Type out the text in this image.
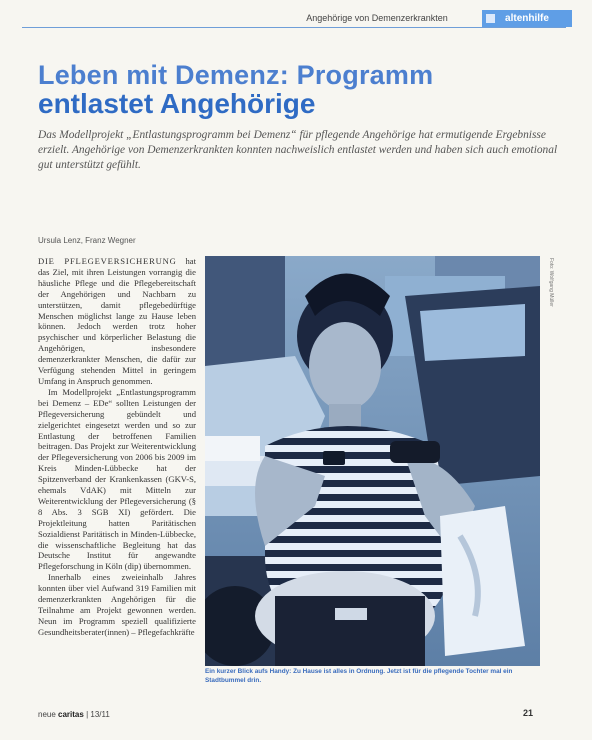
Angehörige von Demenzerkrankten	altenhilfe
Leben mit Demenz: Programm
entlastet Angehörige

Das Modellprojekt „Entlastungsprogramm bei Demenz“ für pflegende Angehörige hat ermutigende Ergebnisse erzielt. Angehörige von Demenzerkrankten konnten nachweislich entlastet werden und haben sich auch emotional gut unterstützt gefühlt.

Ursula Lenz, Franz Wegner

DIE PFLEGEVERSICHERUNG hat das Ziel, mit ihren Leistungen vorrangig die häusliche Pflege und die Pflegebereitschaft der Angehörigen und Nachbarn zu unterstützen, damit pflegebedürftige Menschen möglichst lange zu Hause leben können. Jedoch werden trotz hoher psychischer und körperlicher Belastung die Angehörigen, insbesondere demenzerkrankter Menschen, die dafür zur Verfügung stehenden Mittel in geringem Umfang in Anspruch genommen.

Im Modellprojekt „Entlastungsprogramm bei Demenz – EDe“ sollten Leistungen der Pflegeversicherung gebündelt und zielgerichtet eingesetzt werden und so zur Entlastung der betroffenen Familien beitragen. Das Projekt zur Weiterentwicklung der Pflegeversicherung von 2006 bis 2009 im Kreis Minden-Lübbecke hat der Spitzenverband der Krankenkassen (GKV-S, ehemals VdAK) mit Mitteln zur Weiterentwicklung der Pflegeversicherung (§ 8 Abs. 3 SGB XI) gefördert. Die Projektleitung hatten Paritätischen Sozialdienst Paritätisch in Minden-Lübbecke, die wissenschaftliche Begleitung hat das Deutsche Institut für angewandte Pflegeforschung in Köln (dip) übernommen.

Innerhalb eines zweieinhalb Jahres konnten über viel Aufwand 319 Familien mit demenzerkrankten Angehörigen für die Teilnahme am Projekt gewonnen werden. Neun im Programm speziell qualifizierte Gesundheitsberater(innen) – Pflegefachkräfte

Foto: Wolfgang Müller

Ein kurzer Blick aufs Handy: Zu Hause ist alles in Ordnung. Jetzt ist für die pflegende Tochter mal ein Stadtbummel drin.

neue caritas | 13/11	21
